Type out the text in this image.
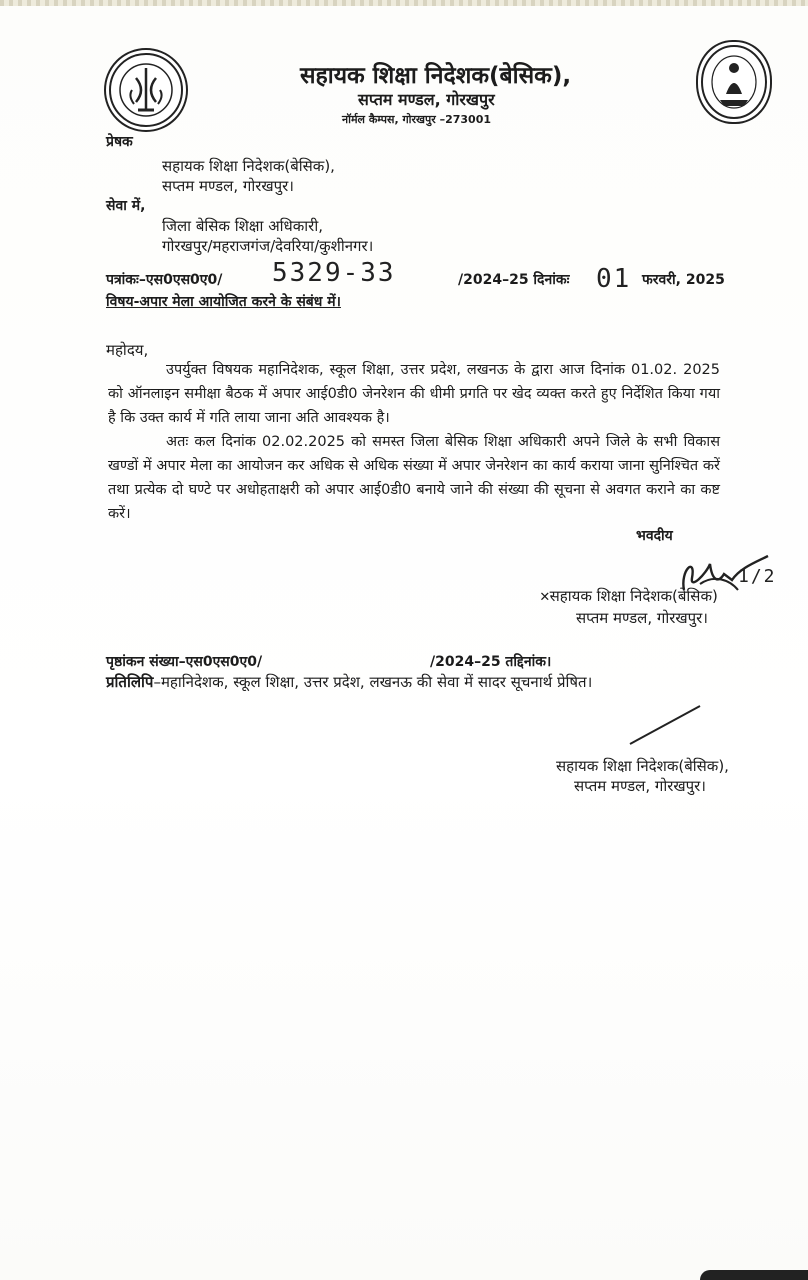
सहायक शिक्षा निदेशक(बेसिक),
सप्तम मण्डल, गोरखपुर
नॉर्मल कैम्पस, गोरखपुर –273001
प्रेषक
सहायक शिक्षा निदेशक(बेसिक),
सप्तम मण्डल, गोरखपुर।
सेवा में,
जिला बेसिक शिक्षा अधिकारी,
गोरखपुर/महराजगंज/देवरिया/कुशीनगर।
पत्रांकः–एस0एस0ए0/ 5329-33	/2024–25 दिनांकः 01 फरवरी, 2025
विषय-अपार मेला आयोजित करने के संबंध में।
महोदय,
उपर्युक्त विषयक महानिदेशक, स्कूल शिक्षा, उत्तर प्रदेश, लखनऊ के द्वारा आज दिनांक 01.02. 2025 को ऑनलाइन समीक्षा बैठक में अपार आई0डी0 जेनरेशन की धीमी प्रगति पर खेद व्यक्त करते हुए निर्देशित किया गया है कि उक्त कार्य में गति लाया जाना अति आवश्यक है।
अतः कल दिनांक 02.02.2025 को समस्त जिला बेसिक शिक्षा अधिकारी अपने जिले के सभी विकास खण्डों में अपार मेला का आयोजन कर अधिक से अधिक संख्या में अपार जेनरेशन का कार्य कराया जाना सुनिश्चित करें तथा प्रत्येक दो घण्टे पर अधोहताक्षरी को अपार आई0डी0 बनाये जाने की संख्या की सूचना से अवगत कराने का कष्ट करें।
भवदीय
1/2
✕सहायक शिक्षा निदेशक(बेसिक)
सप्तम मण्डल, गोरखपुर।
पृष्ठांकन संख्या–एस0एस0ए0/	/2024–25 तद्दिनांक।
प्रतिलिपि–महानिदेशक, स्कूल शिक्षा, उत्तर प्रदेश, लखनऊ की सेवा में सादर सूचनार्थ प्रेषित।
सहायक शिक्षा निदेशक(बेसिक),
सप्तम मण्डल, गोरखपुर।
